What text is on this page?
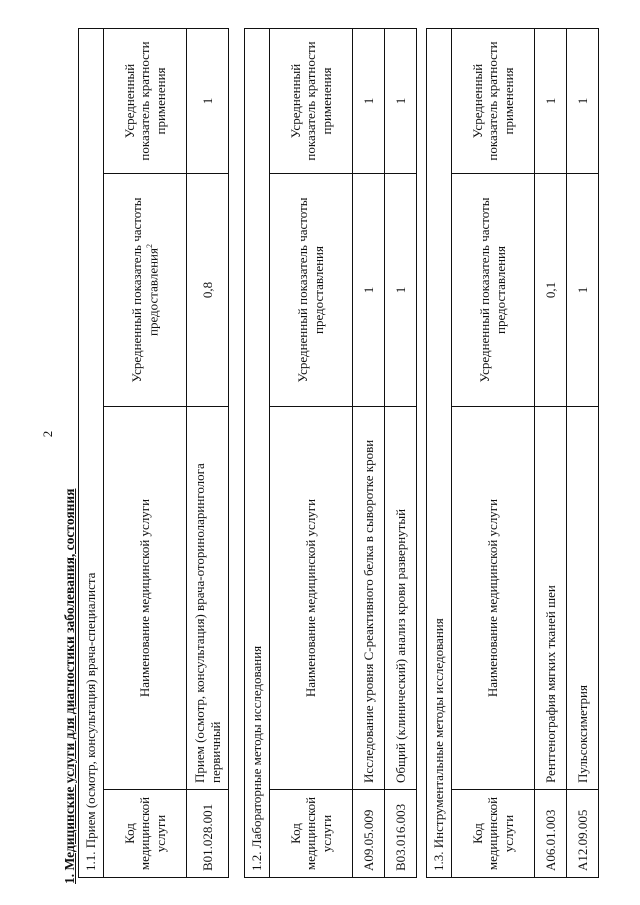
2
1. Медицинские услуги для диагностики заболевания, состояния 1.1. Прием (осмотр, консультация) врача-специалиста			
Код медицинской услуги	Наименование медицинской услуги	Усредненный показатель частоты предоставления$^2$	Усредненный показатель кратности применения
B01.028.001	Прием (осмотр, консультация) врача-оториноларинголога первичный	0,8	1
1.2. Лабораторные методы исследования			
Код медицинской услуги	Наименование медицинской услуги	Усредненный показатель частоты предоставления	Усредненный показатель кратности применения
A09.05.009	Исследование уровня С-реактивного белка в сыворотке крови	1	1
B03.016.003	Общий (клинический) анализ крови развернутый	1	1
1.3. Инструментальные методы исследования			
Код медицинской услуги	Наименование медицинской услуги	Усредненный показатель частоты предоставления	Усредненный показатель кратности применения
A06.01.003	Рентгенография мягких тканей шеи	0,1	1
A12.09.005	Пульсоксиметрия	1	1
